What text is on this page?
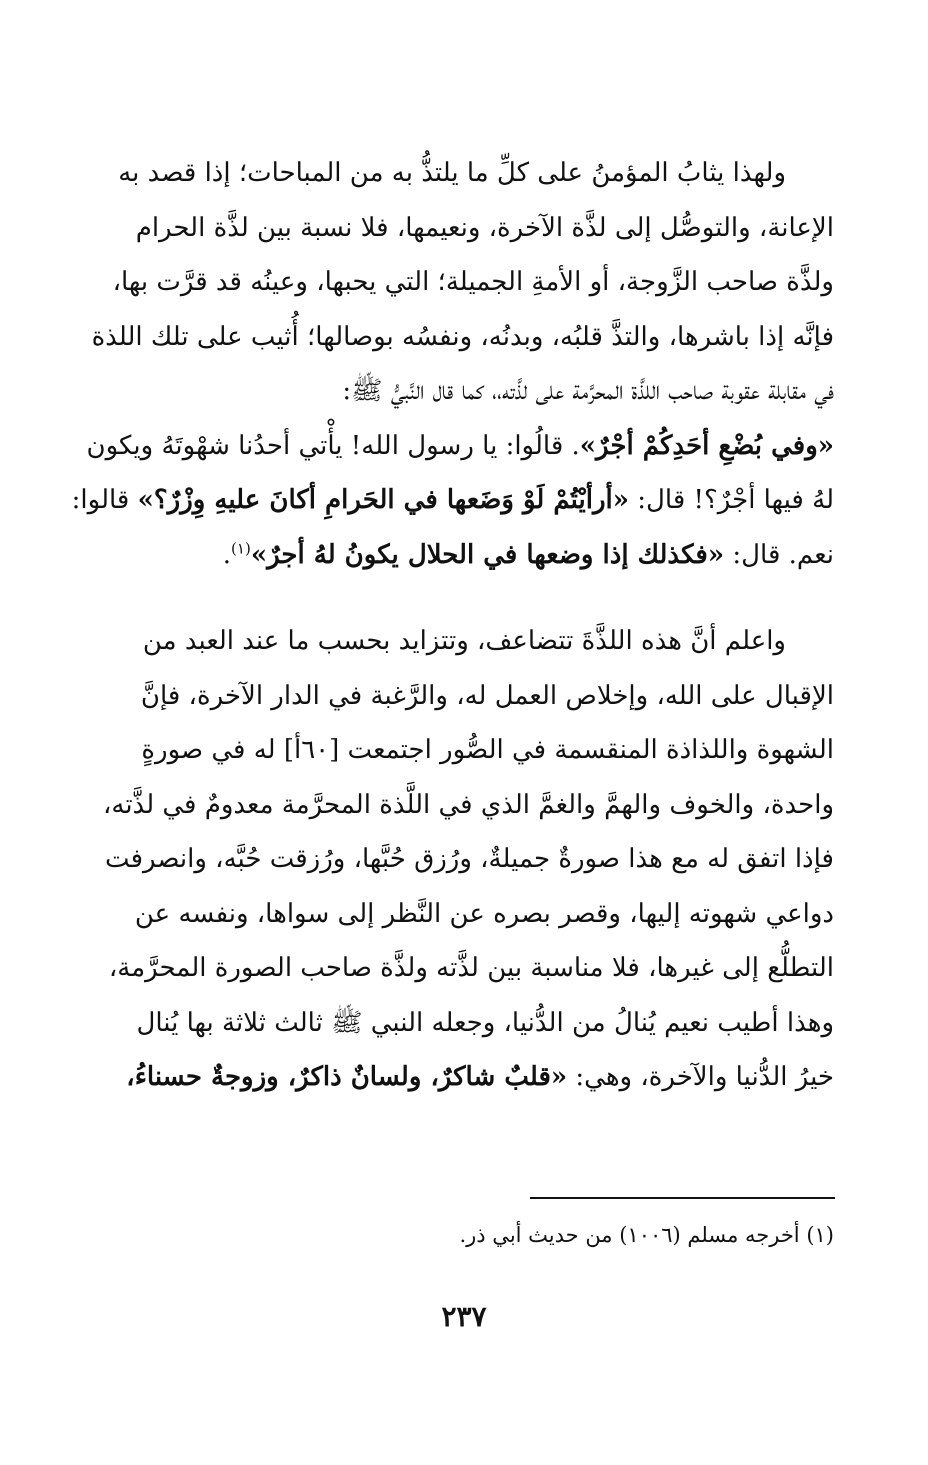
ولهذا يثابُ المؤمنُ على كلِّ ما يلتذُّ به من المباحات؛ إذا قصد به
الإعانة، والتوصُّل إلى لذَّة الآخرة، ونعيمها، فلا نسبة بين لذَّة الحرام
ولذَّة صاحب الزَّوجة، أو الأمةِ الجميلة؛ التي يحبها، وعينُه قد قرَّت بها،
فإنَّه إذا باشرها، والتذَّ قلبُه، وبدنُه، ونفسُه بوصالها؛ أُثيب على تلك اللذة
في مقابلة عقوبة صاحب اللذَّة المحرَّمة على لذَّته،، كما قال النَّبيُّ ﷺ:
«وفي بُضْعِ أحَدِكُمْ أجْرٌ». قالُوا: يا رسول الله! يأْتي أحدُنا شهْوتَهُ ويكون
لهُ فيها أجْرٌ؟! قال: «أرأيْتُمْ لَوْ وَضَعها في الحَرامِ أكانَ عليهِ وِزْرٌ؟» قالوا:
نعم. قال: «فكذلك إذا وضعها في الحلال يكونُ لهُ أجرٌ»$^{(١)}$.
واعلم أنَّ هذه اللذَّةَ تتضاعف، وتتزايد بحسب ما عند العبد من
الإقبال على الله، وإخلاص العمل له، والرَّغبة في الدار الآخرة، فإنَّ
الشهوة واللذاذة المنقسمة في الصُّور اجتمعت [٦٠أ] له في صورةٍ
واحدة، والخوف والهمَّ والغمَّ الذي في اللَّذة المحرَّمة معدومٌ في لذَّته،
فإذا اتفق له مع هذا صورةٌ جميلةٌ، ورُزق حُبَّها، ورُزقت حُبَّه، وانصرفت
دواعي شهوته إليها، وقصر بصره عن النَّظر إلى سواها، ونفسه عن
التطلُّع إلى غيرها، فلا مناسبة بين لذَّته ولذَّة صاحب الصورة المحرَّمة،
وهذا أطيب نعيم يُنالُ من الدُّنيا، وجعله النبي ﷺ ثالث ثلاثة بها يُنال
خيرُ الدُّنيا والآخرة، وهي: «قلبٌ شاكرٌ، ولسانٌ ذاكرٌ، وزوجةٌ حسناءُ،
(١) أخرجه مسلم (١٠٠٦) من حديث أبي ذر.
٢٣٧
